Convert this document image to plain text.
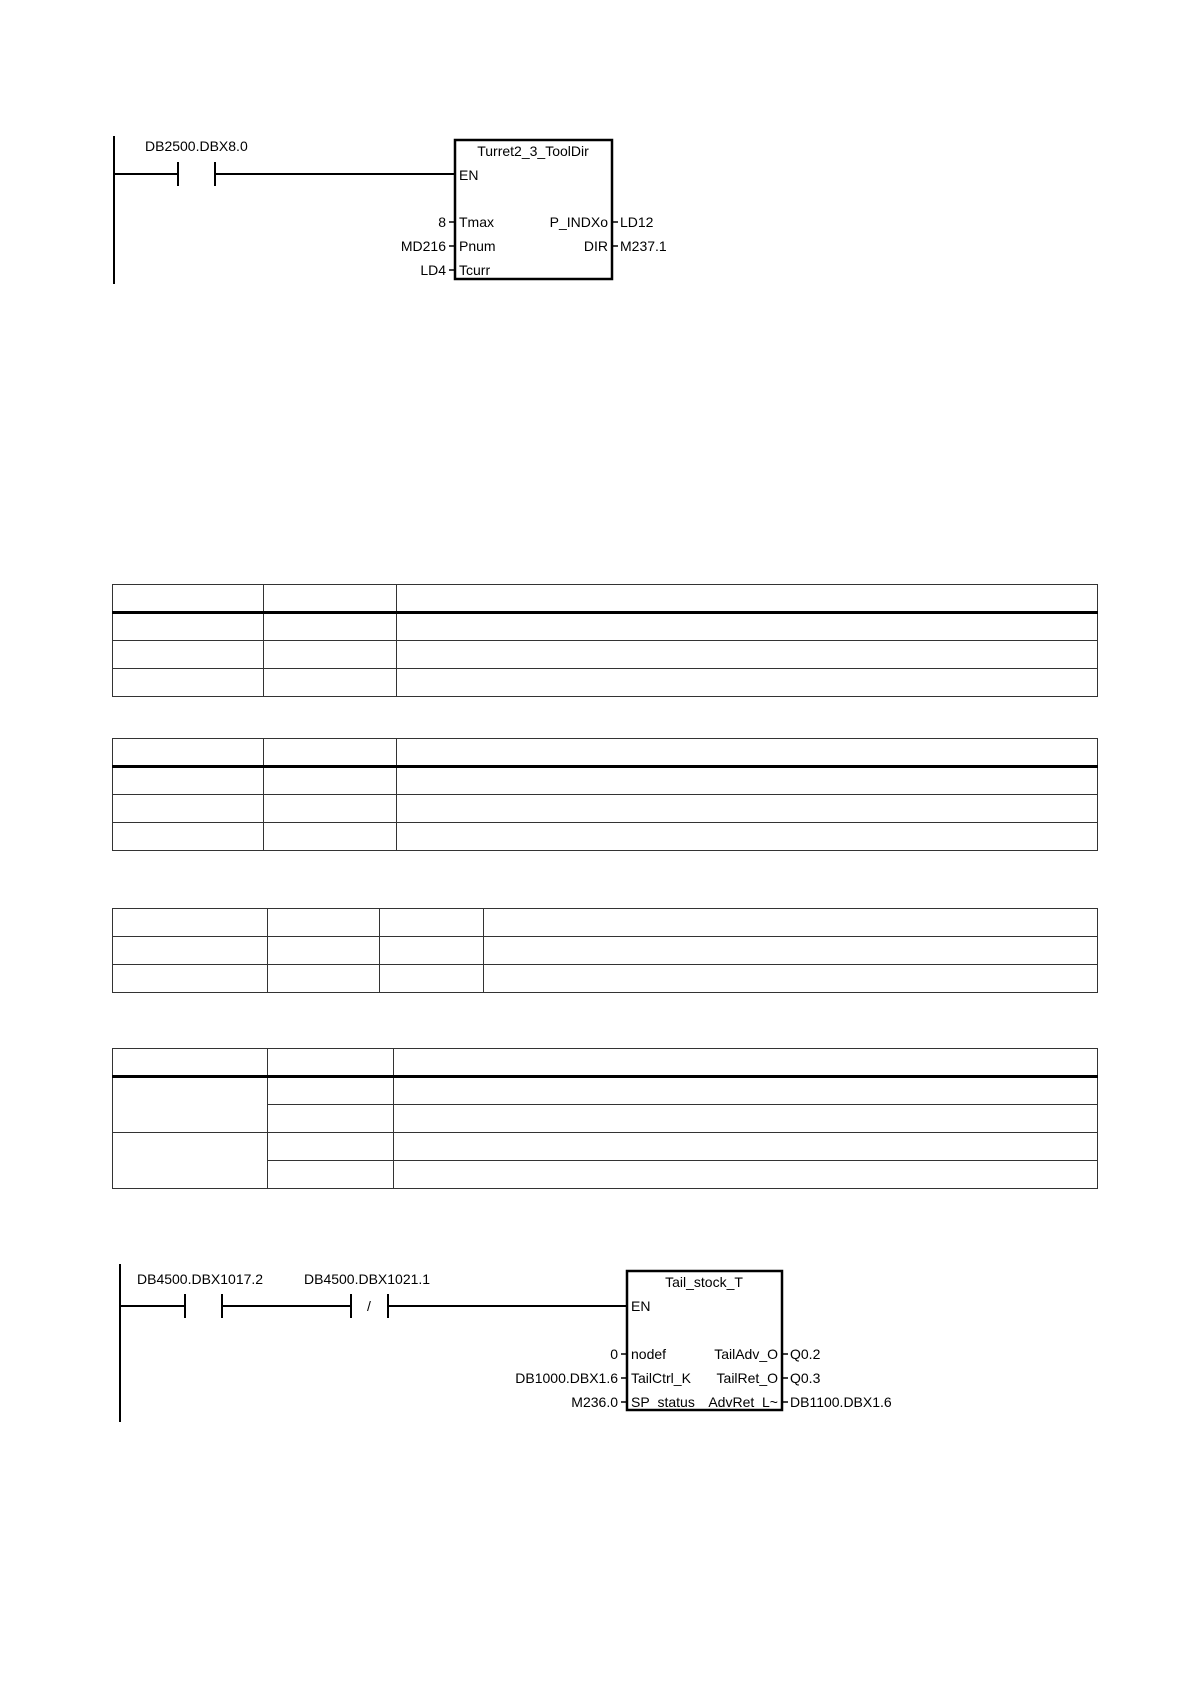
DB2500.DBX8.0	Turret2_3_ToolDir
EN
8 Tmax
MD216 Pnum
LD4 Tcurr
P_INDXo LD12
DIR M237.1

DB4500.DBX1017.2	DB4500.DBX1021.1
/
Tail_stock_T
EN
0 nodef
DB1000.DBX1.6 TailCtrl_K
M236.0 SP_status
TailAdv_O Q0.2
TailRet_O Q0.3
AdvRet_L~ DB1100.DBX1.6
